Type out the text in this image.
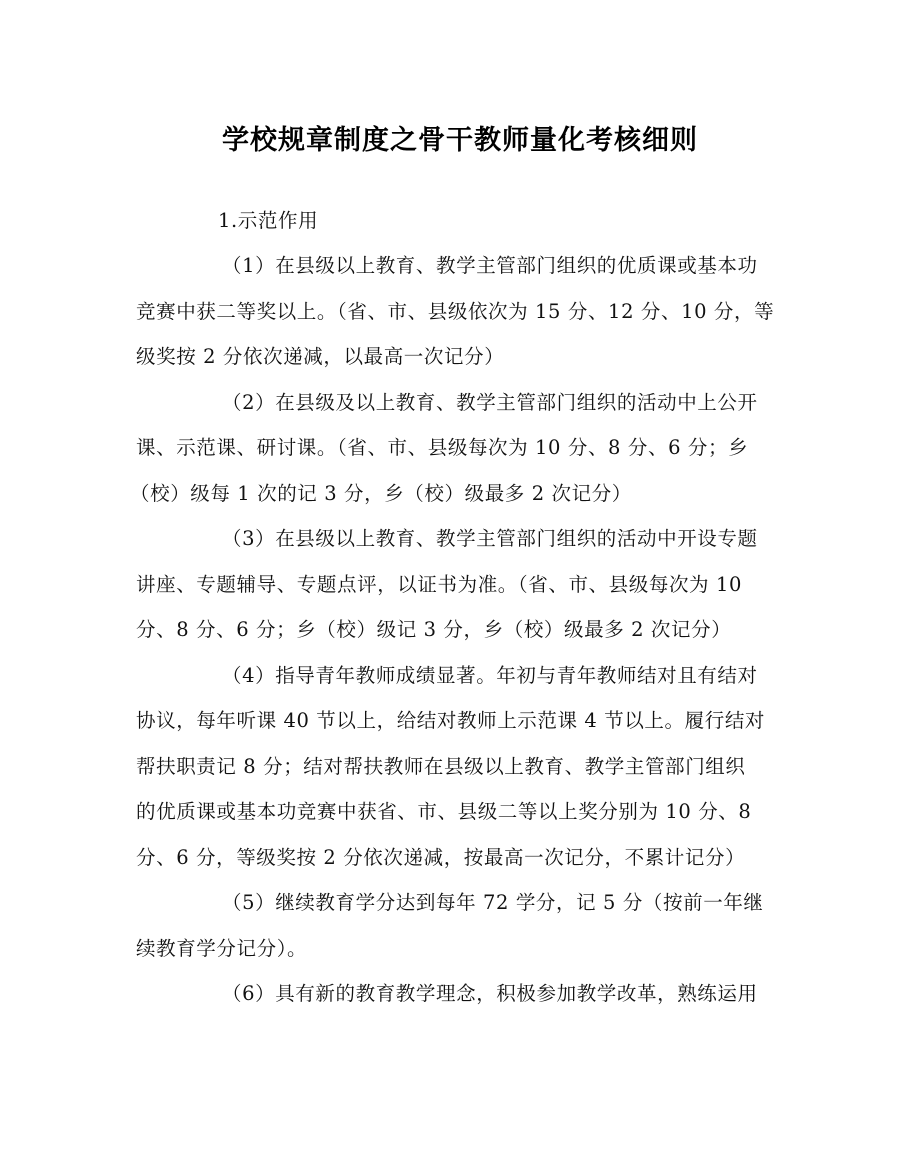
学校规章制度之骨干教师量化考核细则
1.示范作用
（1）在县级以上教育、教学主管部门组织的优质课或基本功
竞赛中获二等奖以上。（省、市、县级依次为 15 分、12 分、10 分，等
级奖按 2 分依次递减，以最高一次记分）
（2）在县级及以上教育、教学主管部门组织的活动中上公开
课、示范课、研讨课。（省、市、县级每次为 10 分、8 分、6 分；乡
（校）级每 1 次的记 3 分，乡（校）级最多 2 次记分）
（3）在县级以上教育、教学主管部门组织的活动中开设专题
讲座、专题辅导、专题点评，以证书为准。（省、市、县级每次为 10
分、8 分、6 分；乡（校）级记 3 分，乡（校）级最多 2 次记分）
（4）指导青年教师成绩显著。年初与青年教师结对且有结对
协议，每年听课 40 节以上，给结对教师上示范课 4 节以上。履行结对
帮扶职责记 8 分；结对帮扶教师在县级以上教育、教学主管部门组织
的优质课或基本功竞赛中获省、市、县级二等以上奖分别为 10 分、8
分、6 分，等级奖按 2 分依次递减，按最高一次记分，不累计记分）
（5）继续教育学分达到每年 72 学分，记 5 分（按前一年继
续教育学分记分）。
（6）具有新的教育教学理念，积极参加教学改革，熟练运用
